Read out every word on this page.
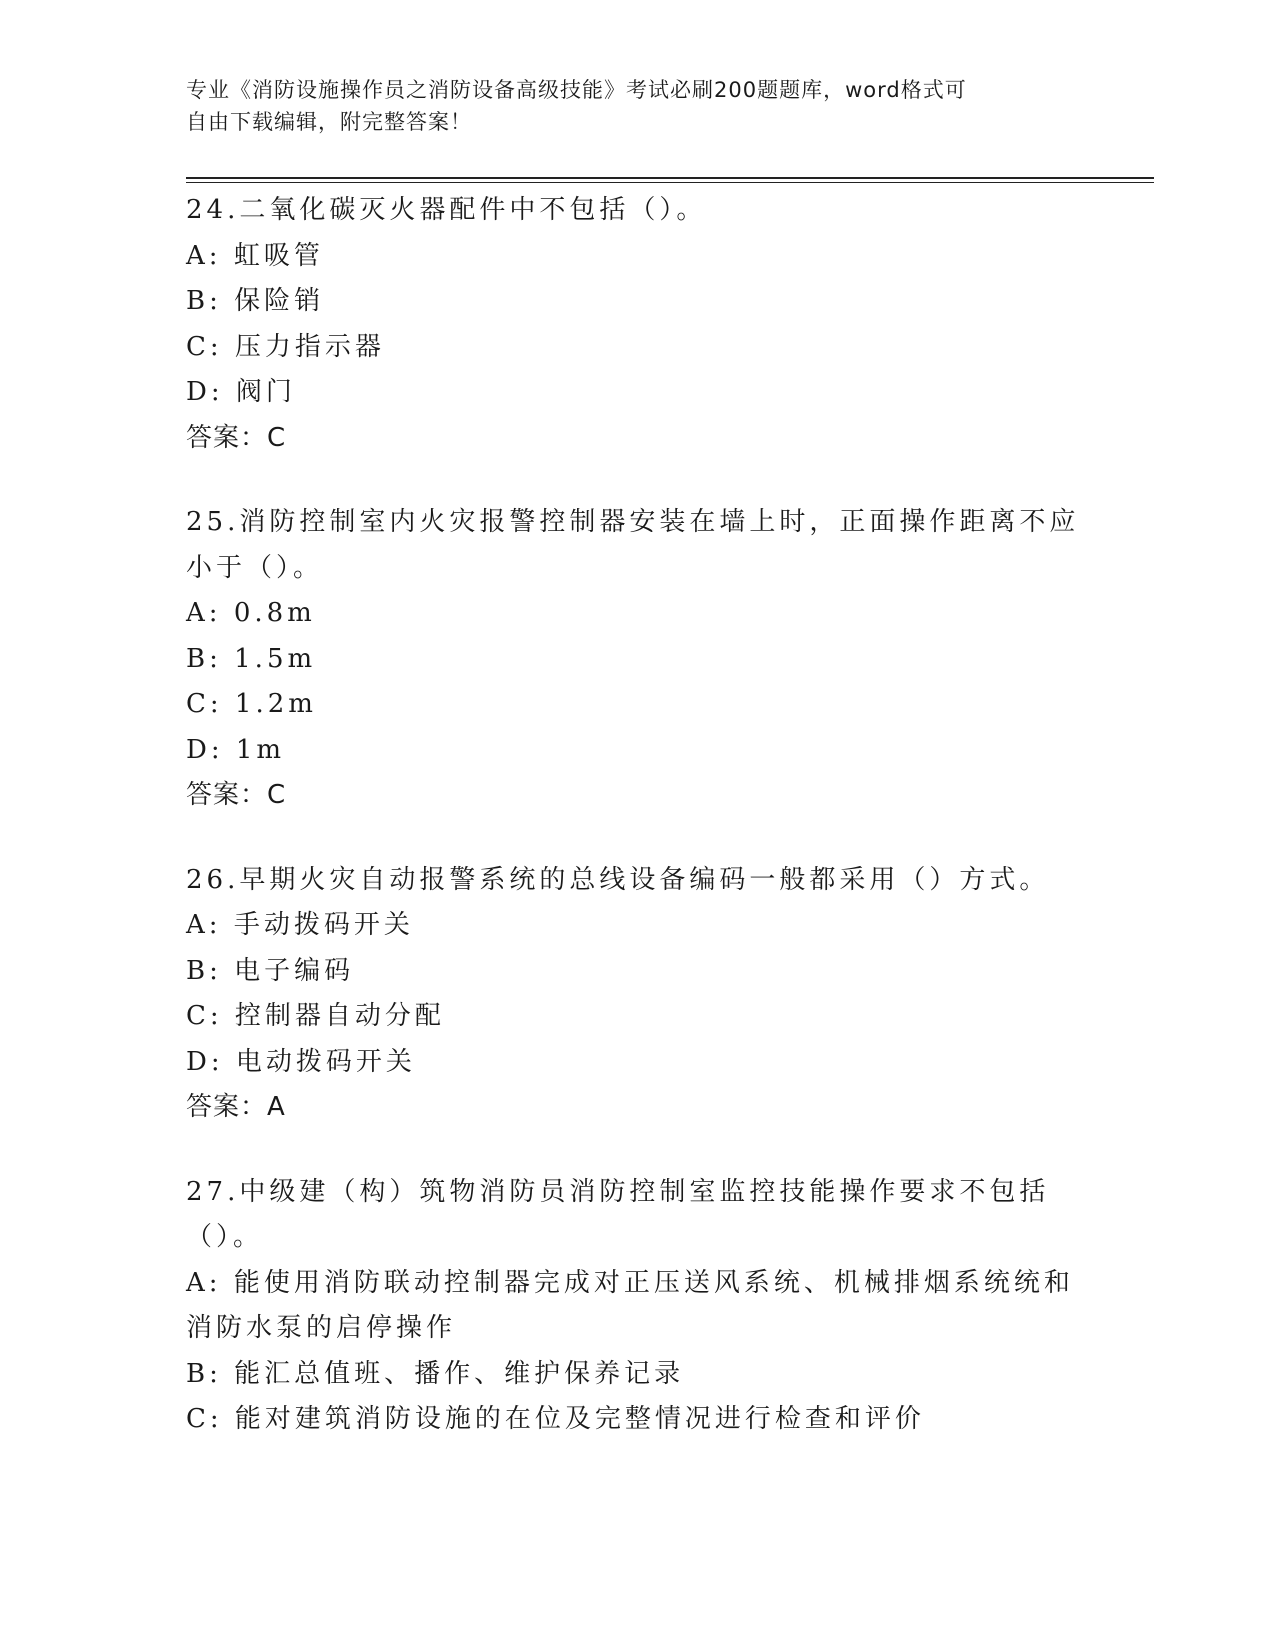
专业《消防设施操作员之消防设备高级技能》考试必刷200题题库，word格式可
自由下载编辑，附完整答案！
24.二氧化碳灭火器配件中不包括（）。
A: 虹吸管
B: 保险销
C: 压力指示器
D: 阀门
答案：C
25.消防控制室内火灾报警控制器安装在墙上时，正面操作距离不应小于（）。
A: 0.8m
B: 1.5m
C: 1.2m
D: 1m
答案：C
26.早期火灾自动报警系统的总线设备编码一般都采用（）方式。
A: 手动拨码开关
B: 电子编码
C: 控制器自动分配
D: 电动拨码开关
答案：A
27.中级建（构）筑物消防员消防控制室监控技能操作要求不包括（）。
A: 能使用消防联动控制器完成对正压送风系统、机械排烟系统统和消防水泵的启停操作
B: 能汇总值班、播作、维护保养记录
C: 能对建筑消防设施的在位及完整情况进行检查和评价
